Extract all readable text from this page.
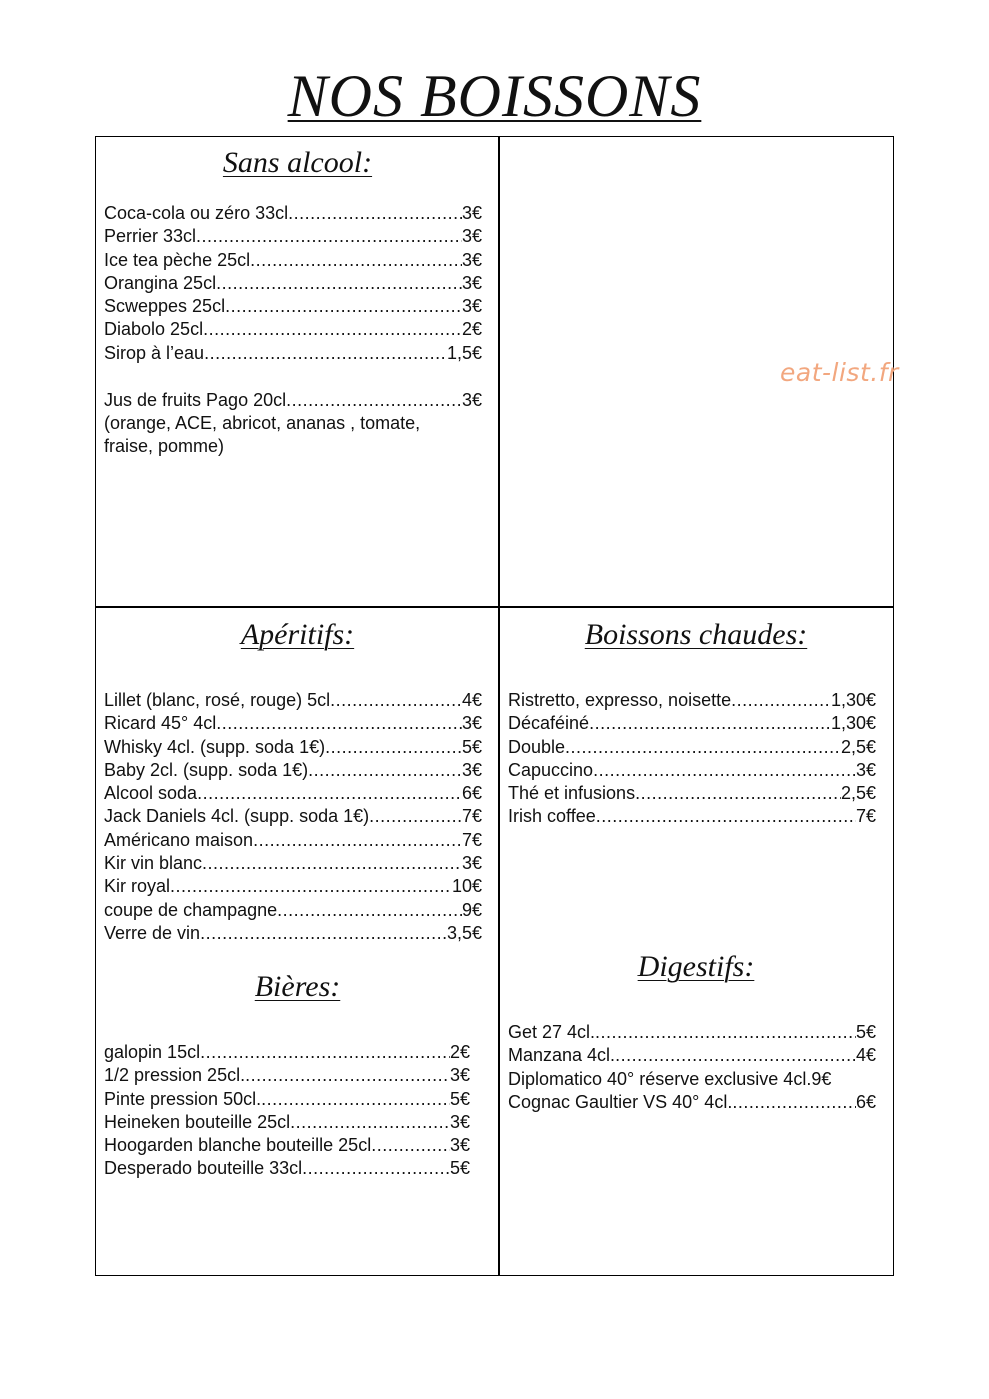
NOS BOISSONS
Sans alcool:
Coca-cola ou zéro 33cl .....	3€
Perrier 33cl .....	3€
Ice tea pèche 25cl .....	3€
Orangina 25cl .....	3€
Scweppes 25cl .....	3€
Diabolo 25cl .....	2€
Sirop à l’eau .....	1,5€
Jus de fruits Pago 20cl .....	3€

(orange, ACE, abricot, ananas , tomate,

fraise, pomme)

eat-list.fr

Apéritifs:
Lillet (blanc, rosé, rouge) 5cl .....	4€
Ricard 45° 4cl .....	3€
Whisky 4cl. (supp. soda 1€) .....	5€
Baby 2cl. (supp. soda 1€) .....	3€
Alcool soda .....	6€
Jack Daniels 4cl. (supp. soda 1€) .....	7€
Américano maison .....	7€
Kir vin blanc .....	3€
Kir royal .....	10€
coupe de champagne .....	9€
Verre de vin .....	3,5€
Bières:
galopin 15cl .....	2€
1/2 pression 25cl. .....	3€
Pinte pression 50cl. .....	5€
Heineken bouteille 25cl .....	3€
Hoogarden blanche bouteille 25cl .....	3€
Desperado bouteille 33cl .....	5€
Boissons chaudes:
Ristretto, expresso, noisette .....	1,30€
Décaféiné .....	1,30€
Double .....	2,5€
Capuccino .....	3€
Thé et infusions .....	2,5€
Irish coffee .....	7€
Digestifs:
Get 27 4cl. .....	5€
Manzana 4cl. .....	4€
Diplomatico 40° réserve exclusive 4cl. 9€
Cognac Gaultier VS 40° 4cl. .....	6€
